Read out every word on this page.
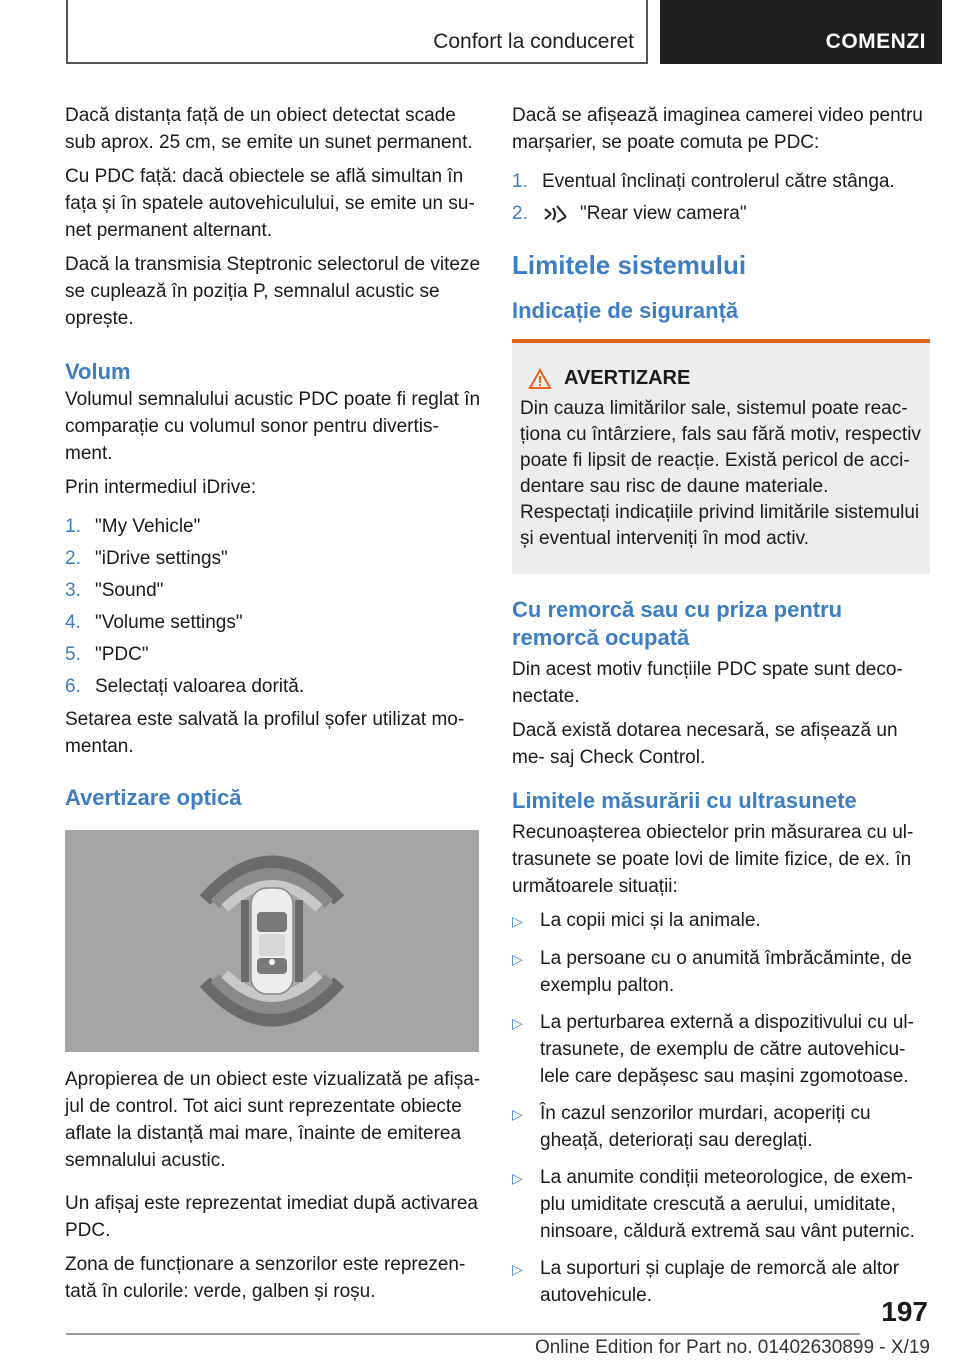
Confort la conduceret	COMENZI

Dacă distanța față de un obiect detectat scade sub aprox. 25 cm, se emite un sunet permanent.

Cu PDC față: dacă obiectele se află simultan în fața și în spatele autovehiculului, se emite un su- net permanent alternant.

Dacă la transmisia Steptronic selectorul de viteze se cuplează în poziția P, semnalul acustic se oprește.

Volum

Volumul semnalului acustic PDC poate fi reglat în comparație cu volumul sonor pentru divertis- ment.

Prin intermediul iDrive:

1. "My Vehicle"
2. "iDrive settings"
3. "Sound"
4. "Volume settings"
5. "PDC"
6. Selectați valoarea dorită.

Setarea este salvată la profilul șofer utilizat mo- mentan.

Avertizare optică

Apropierea de un obiect este vizualizată pe afișa- jul de control. Tot aici sunt reprezentate obiecte aflate la distanță mai mare, înainte de emiterea semnalului acustic.

Un afișaj este reprezentat imediat după activarea PDC.

Zona de funcționare a senzorilor este reprezen- tată în culorile: verde, galben și roșu.

Dacă se afișează imaginea camerei video pentru marșarier, se poate comuta pe PDC:

1. Eventual înclinați controlerul către stânga.
2.	"Rear view camera"
Limitele sistemului
Indicație de siguranță
AVERTIZARE
Din cauza limitărilor sale, sistemul poate reac- ționa cu întârziere, fals sau fără motiv, respectiv poate fi lipsit de reacție. Există pericol de acci- dentare sau risc de daune materiale. Respectați indicațiile privind limitările sistemului și eventual interveniți în mod activ.
Cu remorcă sau cu priza pentru remorcă ocupată

Din acest motiv funcțiile PDC spate sunt deco- nectate.

Dacă există dotarea necesară, se afișează un me- saj Check Control.

Limitele măsurării cu ultrasunete

Recunoașterea obiectelor prin măsurarea cu ul- trasunete se poate lovi de limite fizice, de ex. în următoarele situații:

▷ La copii mici și la animale.
▷ La persoane cu o anumită îmbrăcăminte, de exemplu palton.
▷ La perturbarea externă a dispozitivului cu ul- trasunete, de exemplu de către autovehicu- lele care depășesc sau mașini zgomotoase.
▷ În cazul senzorilor murdari, acoperiți cu gheață, deteriorați sau dereglați.
▷ La anumite condiții meteorologice, de exem- plu umiditate crescută a aerului, umiditate, ninsoare, căldură extremă sau vânt puternic.
▷ La suporturi și cuplaje de remorcă ale altor autovehicule.
197
Online Edition for Part no. 01402630899 - X/19
